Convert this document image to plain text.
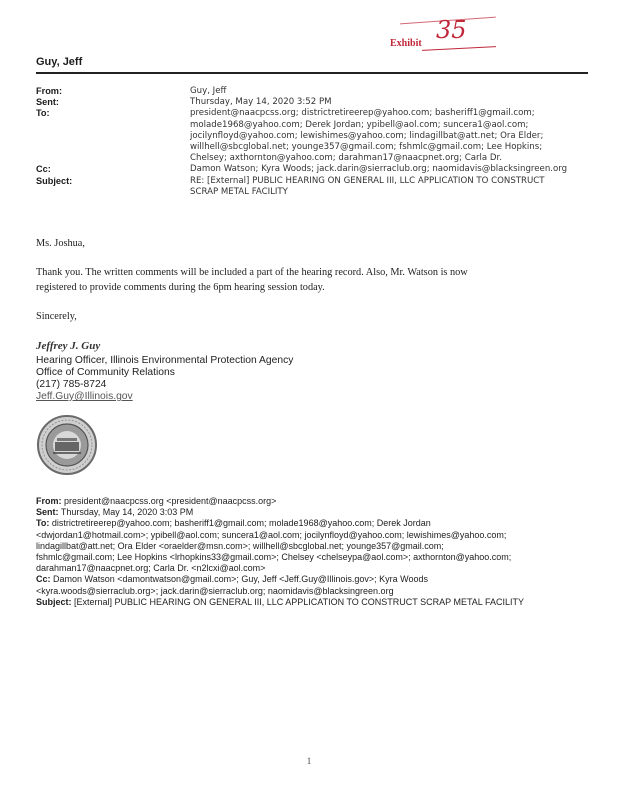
Exhibit 35
Guy, Jeff
From:	Guy, Jeff
Sent:	Thursday, May 14, 2020 3:52 PM
To:	president@naacpcss.org; districtretireerep@yahoo.com; basheriff1@gmail.com;
molade1968@yahoo.com; Derek Jordan; ypibell@aol.com; suncera1@aol.com;
jocilynfloyd@yahoo.com; lewishimes@yahoo.com; lindagillbat@att.net; Ora Elder;
willhell@sbcglobal.net; younge357@gmail.com; fshmlc@gmail.com; Lee Hopkins;
Chelsey; axthornton@yahoo.com; darahman17@naacpnet.org; Carla Dr.
Cc:	Damon Watson; Kyra Woods; jack.darin@sierraclub.org; naomidavis@blacksingreen.org
Subject:	RE: [External] PUBLIC HEARING ON GENERAL III, LLC APPLICATION TO CONSTRUCT
SCRAP METAL FACILITY

Ms. Joshua,

Thank you. The written comments will be included a part of the hearing record. Also, Mr. Watson is now
registered to provide comments during the 6pm hearing session today.

Sincerely,

Jeffrey J. Guy
Hearing Officer, Illinois Environmental Protection Agency
Office of Community Relations
(217) 785-8724
Jeff.Guy@Illinois.gov

From: president@naacpcss.org <president@naacpcss.org>

Sent: Thursday, May 14, 2020 3:03 PM

To: districtretireerep@yahoo.com; basheriff1@gmail.com; molade1968@yahoo.com; Derek Jordan
<dwjordan1@hotmail.com>; ypibell@aol.com; suncera1@aol.com; jocilynfloyd@yahoo.com; lewishimes@yahoo.com;
lindagillbat@att.net; Ora Elder <oraelder@msn.com>; willhell@sbcglobal.net; younge357@gmail.com;
fshmlc@gmail.com; Lee Hopkins <lrhopkins33@gmail.com>; Chelsey <chelseypa@aol.com>; axthornton@yahoo.com;
darahman17@naacpnet.org; Carla Dr. <n2lcxi@aol.com>

Cc: Damon Watson <damontwatson@gmail.com>; Guy, Jeff <Jeff.Guy@Illinois.gov>; Kyra Woods
<kyra.woods@sierraclub.org>; jack.darin@sierraclub.org; naomidavis@blacksingreen.org

Subject: [External] PUBLIC HEARING ON GENERAL III, LLC APPLICATION TO CONSTRUCT SCRAP METAL FACILITY

1
